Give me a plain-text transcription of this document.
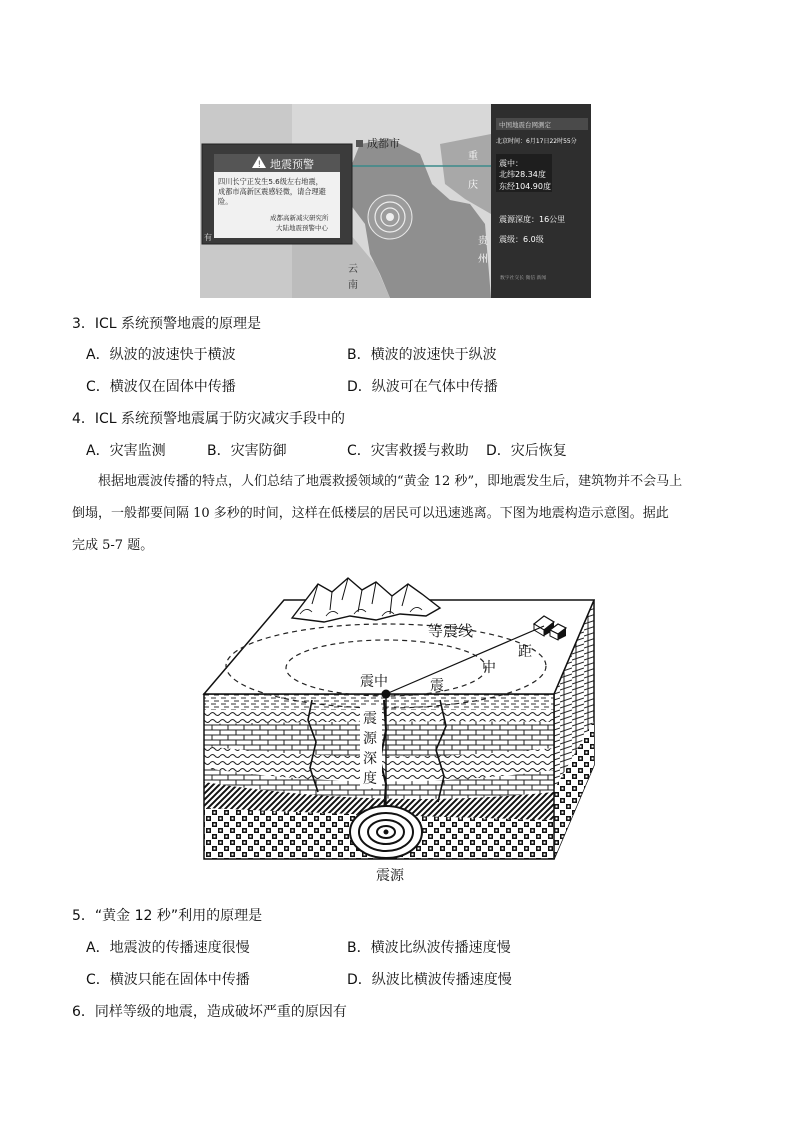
成都市
重
庆
贵
州
云
南
! 地震预警
四川长宁正发生5.6级左右地震，
成都市高新区震感轻微，请合理避
险。
成都高新减灾研究所
大陆地震预警中心
有
中国地震台网测定
北京时间：6月17日22时55分
震中：
北纬28.34度
东经104.90度
震源深度：16公里
震级：6.0级
数字社交长 微信 新闻
3．ICL 系统预警地震的原理是
A．纵波的波速快于横波	B．横波的波速快于纵波
C．横波仅在固体中传播	D．纵波可在气体中传播
4．ICL 系统预警地震属于防灾减灾手段中的
A．灾害监测	B．灾害防御	C．灾害救援与救助 D．灾后恢复
根据地震波传播的特点，人们总结了地震救援领域的“黄金 12 秒”，即地震发生后，建筑物并不会马上
倒塌，一般都要间隔 10 多秒的时间，这样在低楼层的居民可以迅速逃离。下图为地震构造示意图。据此
完成 5-7 题。
等震线
震中	震
中
距
震
源
深
度
震源
5．“黄金 12 秒”利用的原理是
A．地震波的传播速度很慢	B．横波比纵波传播速度慢
C．横波只能在固体中传播	D．纵波比横波传播速度慢
6．同样等级的地震，造成破坏严重的原因有
